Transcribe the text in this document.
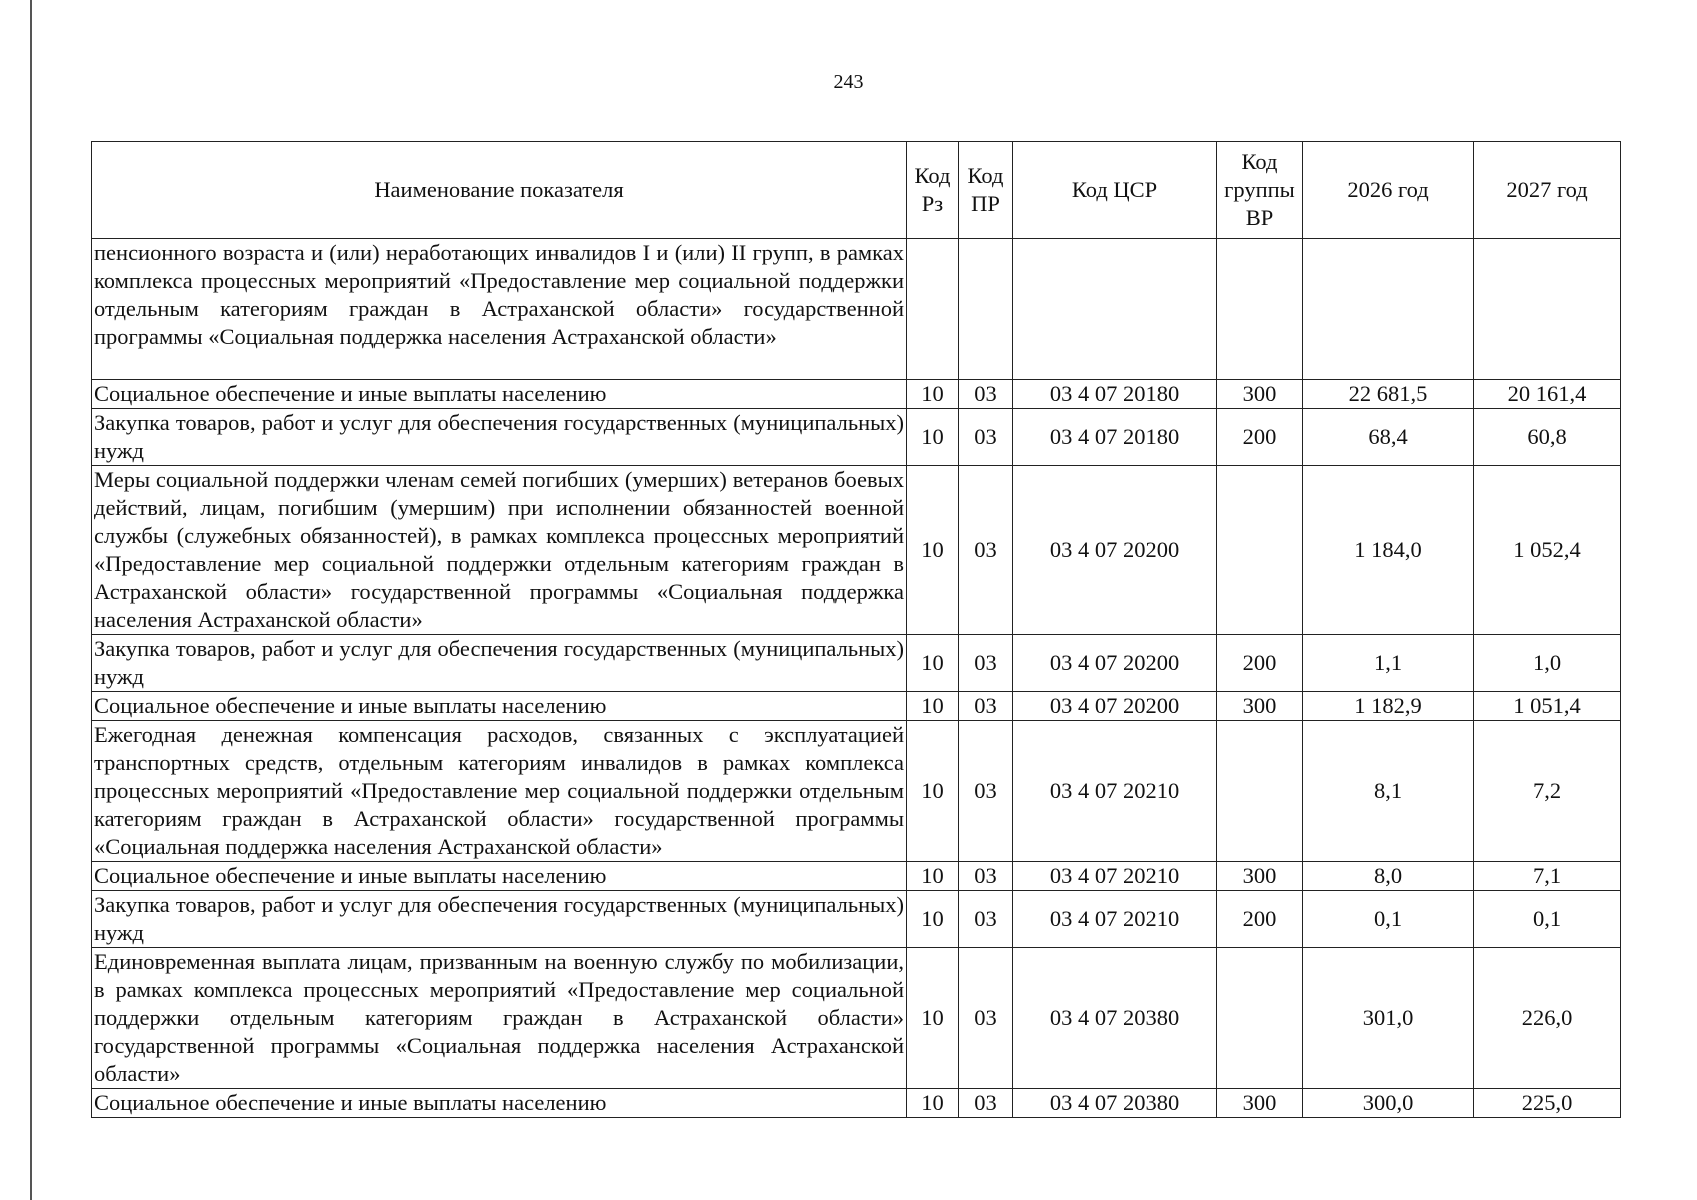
243
Наименование показателя	Код Рз	Код ПР	Код ЦСР	Код группы ВР	2026 год	2027 год
пенсионного возраста и (или) неработающих инвалидов I и (или) II групп, в рамках комплекса процессных мероприятий «Предоставление мер социальной поддержки отдельным категориям граждан в Астраханской области» государственной программы «Социальная поддержка населения Астраханской области»						
Социальное обеспечение и иные выплаты населению	10	03	03 4 07 20180	300	22 681,5	20 161,4
Закупка товаров, работ и услуг для обеспечения государственных (муниципальных) нужд	10	03	03 4 07 20180	200	68,4	60,8
Меры социальной поддержки членам семей погибших (умерших) ветеранов боевых действий, лицам, погибшим (умершим) при исполнении обязанностей военной службы (служебных обязанностей), в рамках комплекса процессных мероприятий «Предоставление мер социальной поддержки отдельным категориям граждан в Астраханской области» государственной программы «Социальная поддержка населения Астраханской области»	10	03	03 4 07 20200		1 184,0	1 052,4
Закупка товаров, работ и услуг для обеспечения государственных (муниципальных) нужд	10	03	03 4 07 20200	200	1,1	1,0
Социальное обеспечение и иные выплаты населению	10	03	03 4 07 20200	300	1 182,9	1 051,4
Ежегодная денежная компенсация расходов, связанных с эксплуатацией транспортных средств, отдельным категориям инвалидов в рамках комплекса процессных мероприятий «Предоставление мер социальной поддержки отдельным категориям граждан в Астраханской области» государственной программы «Социальная поддержка населения Астраханской области»	10	03	03 4 07 20210		8,1	7,2
Социальное обеспечение и иные выплаты населению	10	03	03 4 07 20210	300	8,0	7,1
Закупка товаров, работ и услуг для обеспечения государственных (муниципальных) нужд	10	03	03 4 07 20210	200	0,1	0,1
Единовременная выплата лицам, призванным на военную службу по мобилизации, в рамках комплекса процессных мероприятий «Предоставление мер социальной поддержки отдельным категориям граждан в Астраханской области» государственной программы «Социальная поддержка населения Астраханской области»	10	03	03 4 07 20380		301,0	226,0
Социальное обеспечение и иные выплаты населению	10	03	03 4 07 20380	300	300,0	225,0
